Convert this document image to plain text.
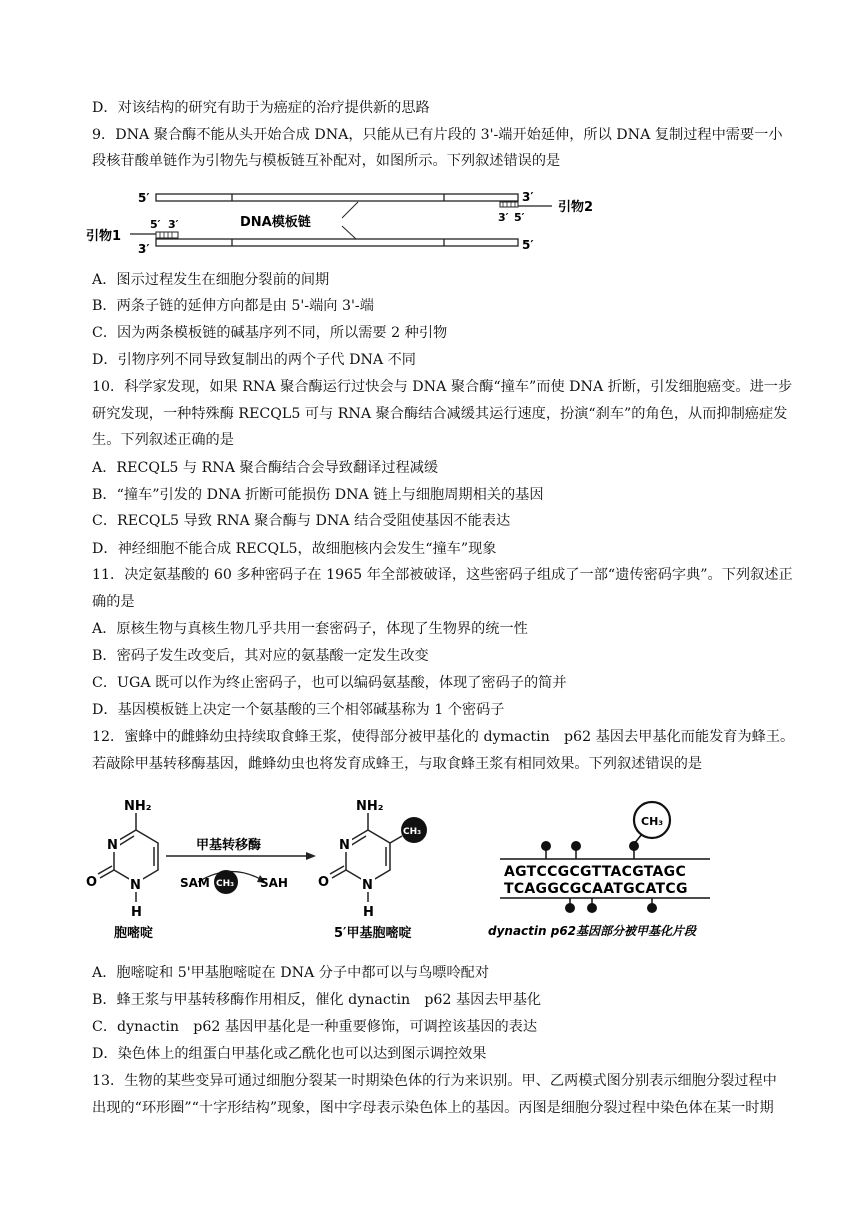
D．对该结构的研究有助于为癌症的治疗提供新的思路
9．DNA 聚合酶不能从头开始合成 DNA，只能从已有片段的 3'-端开始延伸，所以 DNA 复制过程中需要一小
段核苷酸单链作为引物先与模板链互补配对，如图所示。下列叙述错误的是
5′	3′
3′ 5′
引物2
DNA模板链
5′ 3′
引物1
3′	5′
A．图示过程发生在细胞分裂前的间期
B．两条子链的延伸方向都是由 5'-端向 3'-端
C．因为两条模板链的碱基序列不同，所以需要 2 种引物
D．引物序列不同导致复制出的两个子代 DNA 不同
10．科学家发现，如果 RNA 聚合酶运行过快会与 DNA 聚合酶“撞车”而使 DNA 折断，引发细胞癌变。进一步
研究发现，一种特殊酶 RECQL5 可与 RNA 聚合酶结合减缓其运行速度，扮演“刹车”的角色，从而抑制癌症发
生。下列叙述正确的是
A．RECQL5 与 RNA 聚合酶结合会导致翻译过程减缓
B．“撞车”引发的 DNA 折断可能损伤 DNA 链上与细胞周期相关的基因
C．RECQL5 导致 RNA 聚合酶与 DNA 结合受阻使基因不能表达
D．神经细胞不能合成 RECQL5，故细胞核内会发生“撞车”现象
11．决定氨基酸的 60 多种密码子在 1965 年全部被破译，这些密码子组成了一部“遗传密码字典”。下列叙述正
确的是
A．原核生物与真核生物几乎共用一套密码子，体现了生物界的统一性
B．密码子发生改变后，其对应的氨基酸一定发生改变
C．UGA 既可以作为终止密码子，也可以编码氨基酸，体现了密码子的简并
D．基因模板链上决定一个氨基酸的三个相邻碱基称为 1 个密码子
12．蜜蜂中的雌蜂幼虫持续取食蜂王浆，使得部分被甲基化的 dymactin　p62 基因去甲基化而能发育为蜂王。
若敲除甲基转移酶基因，雌蜂幼虫也将发育成蜂王，与取食蜂王浆有相同效果。下列叙述错误的是
NH₂
N
N
O
H
胞嘧啶
甲基转移酶
SAM CH₃ SAH
NH₂
CH₃
N
N
O
H
5′甲基胞嘧啶
CH₃
AGTCCGCGTTACGTAGC
TCAGGCGCAATGCATCG
dynactin p62基因部分被甲基化片段
A．胞嘧啶和 5'甲基胞嘧啶在 DNA 分子中都可以与鸟嘌呤配对
B．蜂王浆与甲基转移酶作用相反，催化 dynactin　p62 基因去甲基化
C．dynactin　p62 基因甲基化是一种重要修饰，可调控该基因的表达
D．染色体上的组蛋白甲基化或乙酰化也可以达到图示调控效果
13．生物的某些变异可通过细胞分裂某一时期染色体的行为来识别。甲、乙两模式图分别表示细胞分裂过程中
出现的“环形圈”“十字形结构”现象，图中字母表示染色体上的基因。丙图是细胞分裂过程中染色体在某一时期
